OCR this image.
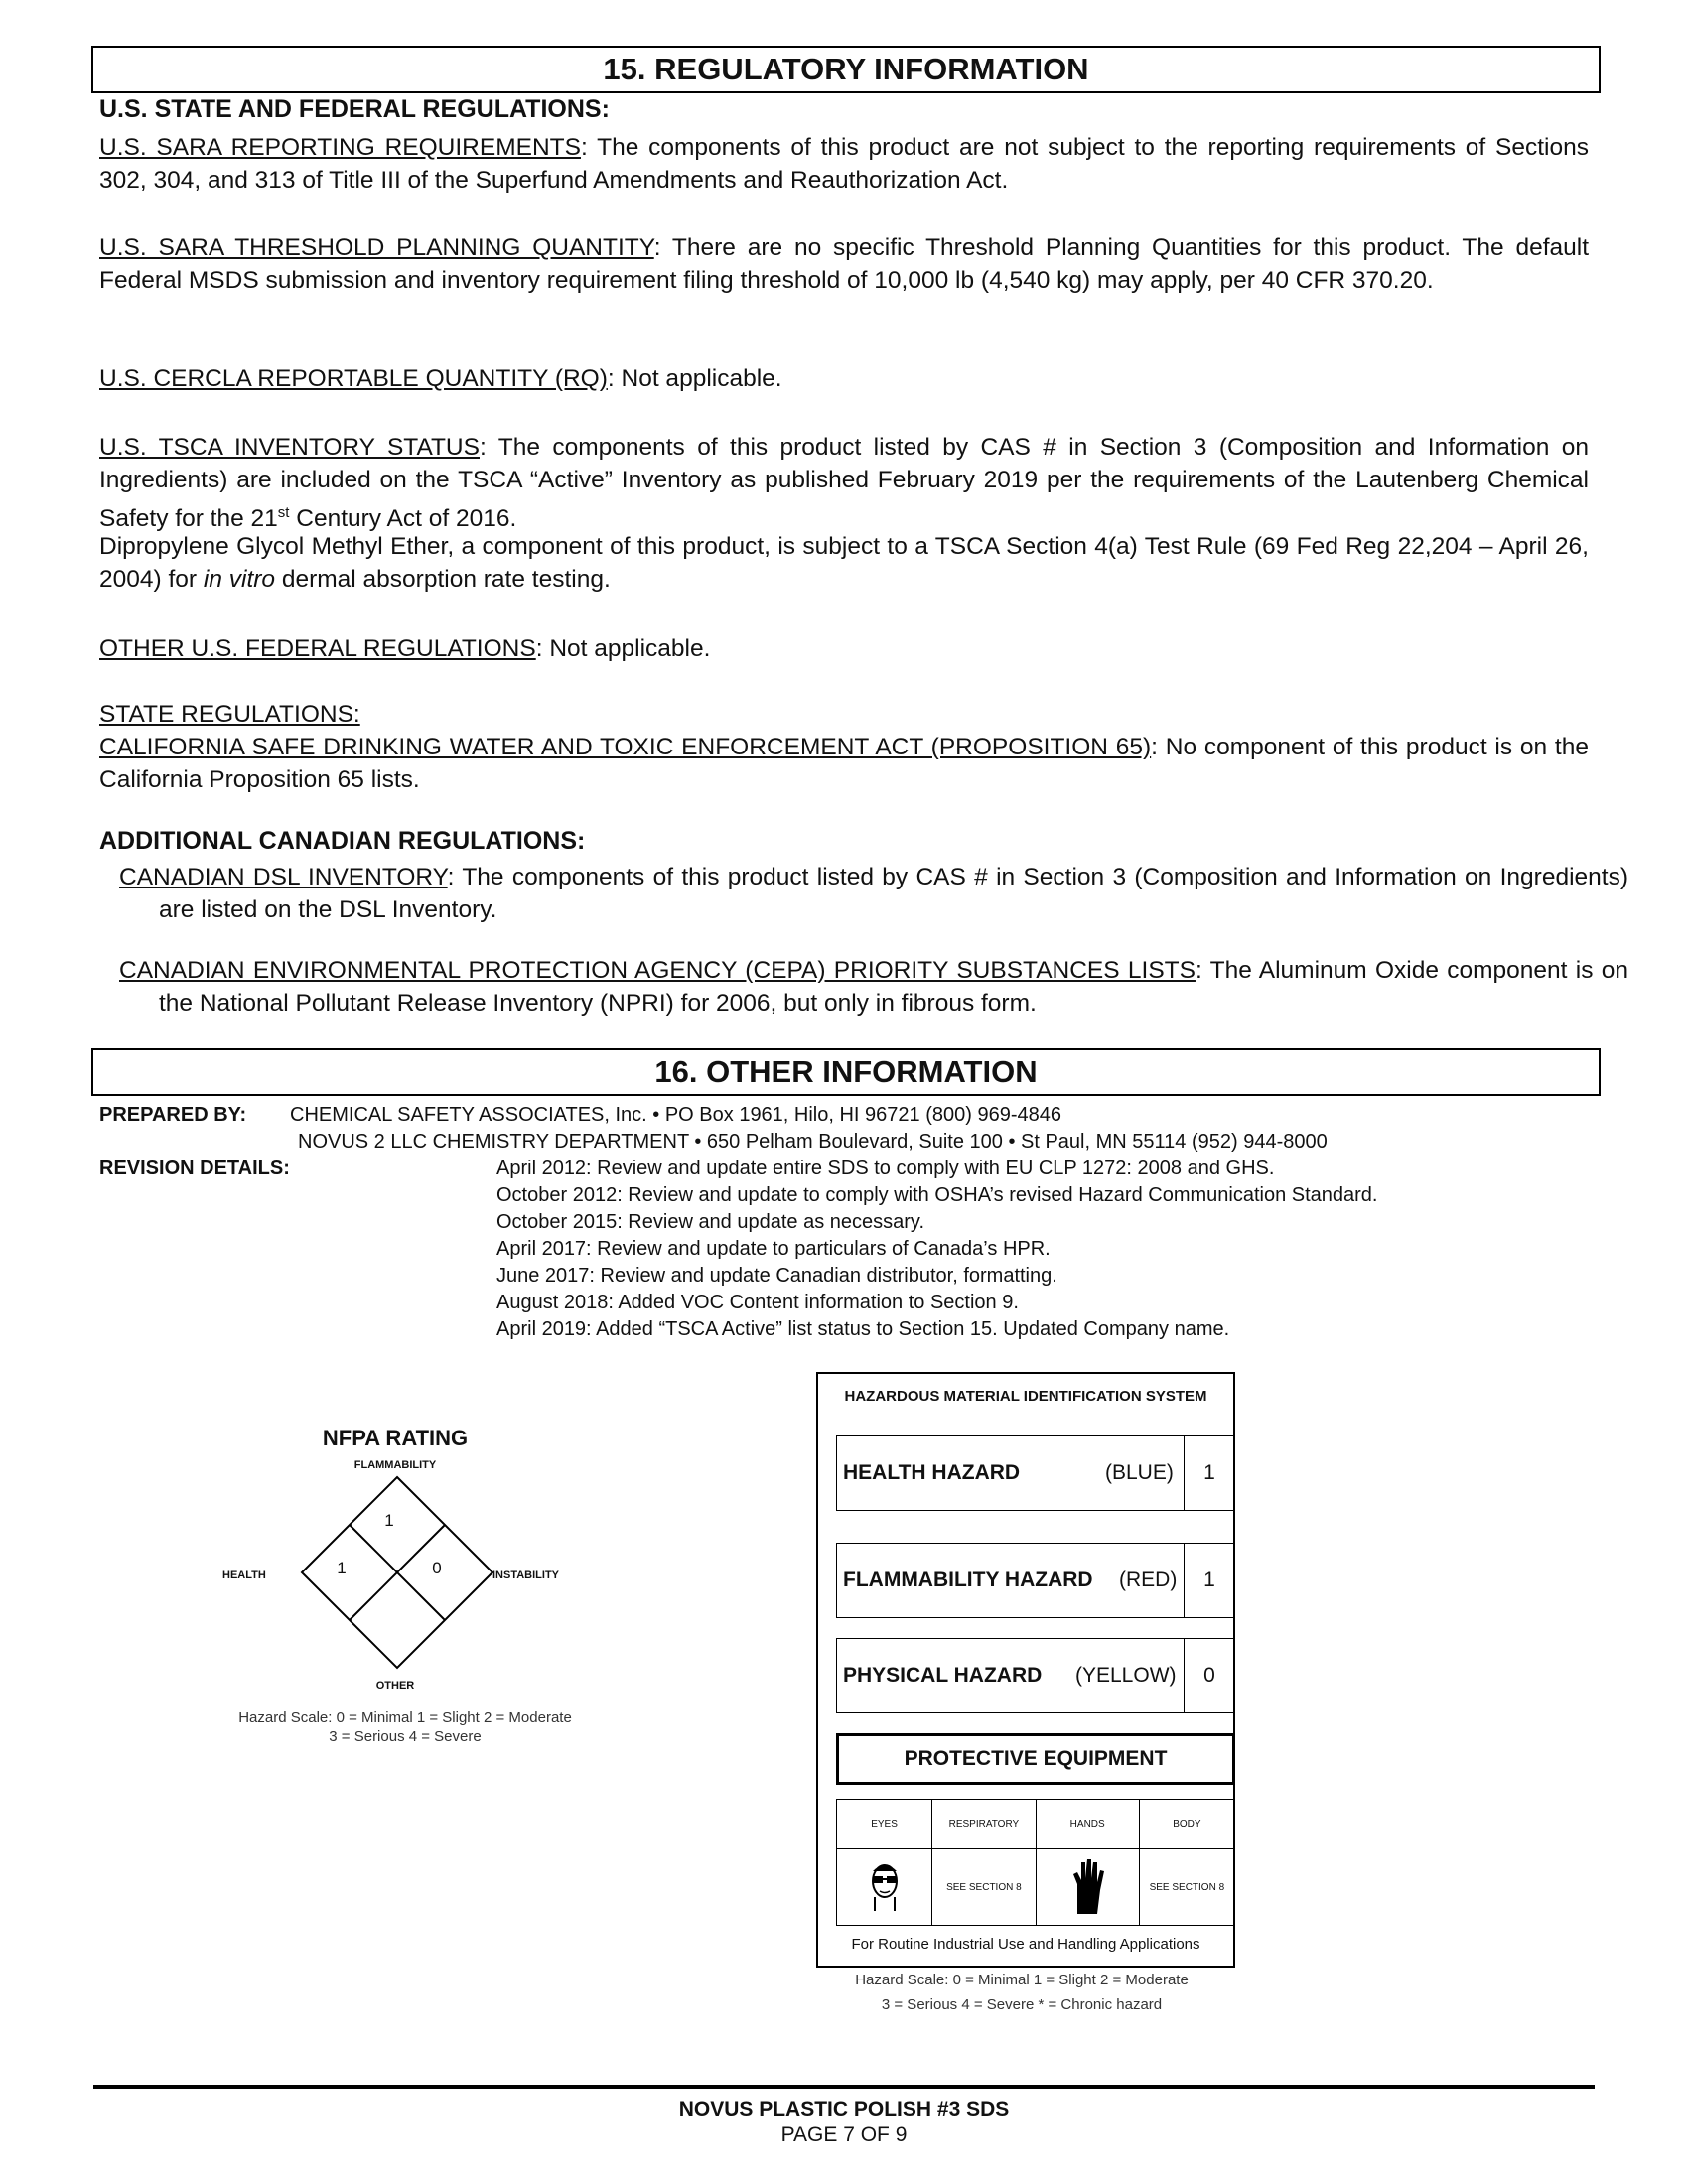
15. REGULATORY INFORMATION
U.S. STATE AND FEDERAL REGULATIONS:
U.S. SARA REPORTING REQUIREMENTS: The components of this product are not subject to the reporting requirements of Sections 302, 304, and 313 of Title III of the Superfund Amendments and Reauthorization Act.
U.S. SARA THRESHOLD PLANNING QUANTITY: There are no specific Threshold Planning Quantities for this product. The default Federal MSDS submission and inventory requirement filing threshold of 10,000 lb (4,540 kg) may apply, per 40 CFR 370.20.
U.S. CERCLA REPORTABLE QUANTITY (RQ): Not applicable.
U.S. TSCA INVENTORY STATUS: The components of this product listed by CAS # in Section 3 (Composition and Information on Ingredients) are included on the TSCA “Active” Inventory as published February 2019 per the requirements of the Lautenberg Chemical Safety for the 21st Century Act of 2016.
Dipropylene Glycol Methyl Ether, a component of this product, is subject to a TSCA Section 4(a) Test Rule (69 Fed Reg 22,204 – April 26, 2004) for in vitro dermal absorption rate testing.
OTHER U.S. FEDERAL REGULATIONS: Not applicable.
STATE REGULATIONS:
CALIFORNIA SAFE DRINKING WATER AND TOXIC ENFORCEMENT ACT (PROPOSITION 65): No component of this product is on the California Proposition 65 lists.
ADDITIONAL CANADIAN REGULATIONS:
CANADIAN DSL INVENTORY: The components of this product listed by CAS # in Section 3 (Composition and Information on Ingredients) are listed on the DSL Inventory.
CANADIAN ENVIRONMENTAL PROTECTION AGENCY (CEPA) PRIORITY SUBSTANCES LISTS: The Aluminum Oxide component is on the National Pollutant Release Inventory (NPRI) for 2006, but only in fibrous form.
16. OTHER INFORMATION
PREPARED BY: CHEMICAL SAFETY ASSOCIATES, Inc. • PO Box 1961, Hilo, HI 96721 (800) 969-4846
NOVUS 2 LLC CHEMISTRY DEPARTMENT • 650 Pelham Boulevard, Suite 100 • St Paul, MN 55114 (952) 944-8000
REVISION DETAILS:	April 2012: Review and update entire SDS to comply with EU CLP 1272: 2008 and GHS.
October 2012: Review and update to comply with OSHA’s revised Hazard Communication Standard.
October 2015: Review and update as necessary.
April 2017: Review and update to particulars of Canada’s HPR.
June 2017: Review and update Canadian distributor, formatting.
August 2018: Added VOC Content information to Section 9.
April 2019: Added “TSCA Active” list status to Section 15. Updated Company name.
NFPA RATING
FLAMMABILITY
HEALTH	INSTABILITY
OTHER
1
1	0
Hazard Scale: 0 = Minimal 1 = Slight 2 = Moderate
3 = Serious 4 = Severe
HAZARDOUS MATERIAL IDENTIFICATION SYSTEM
HEALTH HAZARD	(BLUE)	1
FLAMMABILITY HAZARD (RED)	1
PHYSICAL HAZARD (YELLOW)	0
PROTECTIVE EQUIPMENT
EYES	RESPIRATORY	HANDS	BODY
	SEE SECTION 8		SEE SECTION 8
For Routine Industrial Use and Handling Applications
Hazard Scale: 0 = Minimal 1 = Slight 2 = Moderate
3 = Serious 4 = Severe * = Chronic hazard
NOVUS PLASTIC POLISH #3 SDS
PAGE 7 OF 9
